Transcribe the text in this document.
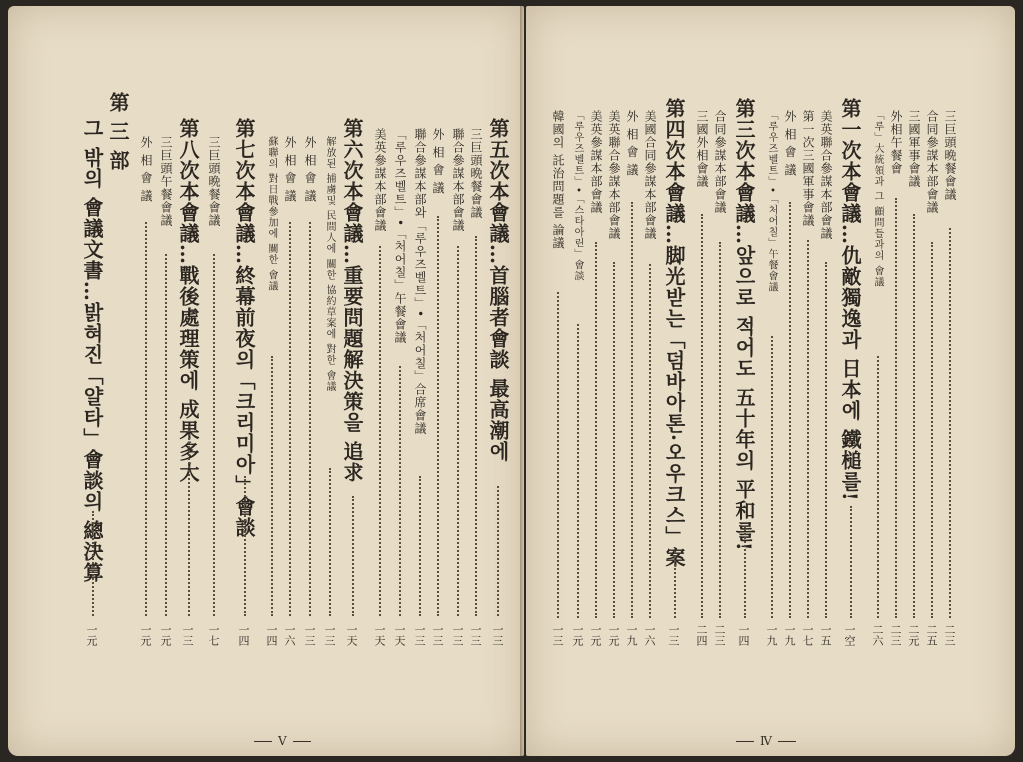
第五次本會議…首腦者會談 最高潮에
一三
三巨頭晩餐會議
一三
聯合參謀本部會議
一三
外 相 會 議
一三
聯合參謀本部와「루우즈벨트」•「처어칠」合席會議
一三
「루우즈벨트」•「처어칠」午餐會議
一天
美英參謀本部會議
一天
第六次本會議…重要問題解決策을 追求
一天
解放된 捕虜및 民間人에 關한 協約草案에 對한 會議
一三
外 相 會 議
一三
外 相 會 議
一六
蘇聯의 對日戰參加에 關한 會議
一四
第七次本會議…終幕前夜의「크리미아」會談
一四
三巨頭晩餐會議
一七
第八次本會議…戰後處理策에 成果多大
一三
三巨頭午餐會議
一元
外 相 會 議
一元
第 三 部
그 밖의 會議文書…밝혀진「얄타」會談의 總決算
一元
Ⅴ
三巨頭晩餐會議
二三
合同參謀本部會議
二五
三國軍事會議
二元
外相午餐會
二三
「루」大統領과 그 顧問들과의 會議
二六
第一次本會議…仇敵獨逸과 日本에 鐵槌를!
一空
美英聯合參謀本部會議
一五
第一次三國軍事會議
一七
外 相 會 議
一九
「루우즈벨트」•「처어칠」午餐會議
一九
第三次本會議…앞으로 적어도 五十年의 平和를!
一四
合同參謀本部會議
二三
三國外相會議
二四
第四次本會議…脚光받는「덤바아톤·오우크스」案
一三
美國合同參謀本部會議
一六
外 相 會 議
一九
美英聯合參謀本部會議
一元
美英參謀本部會議
一元
「루우즈벨트」•「스타아린」會談
一元
韓國의 託治問題를 論議
一三
Ⅳ
